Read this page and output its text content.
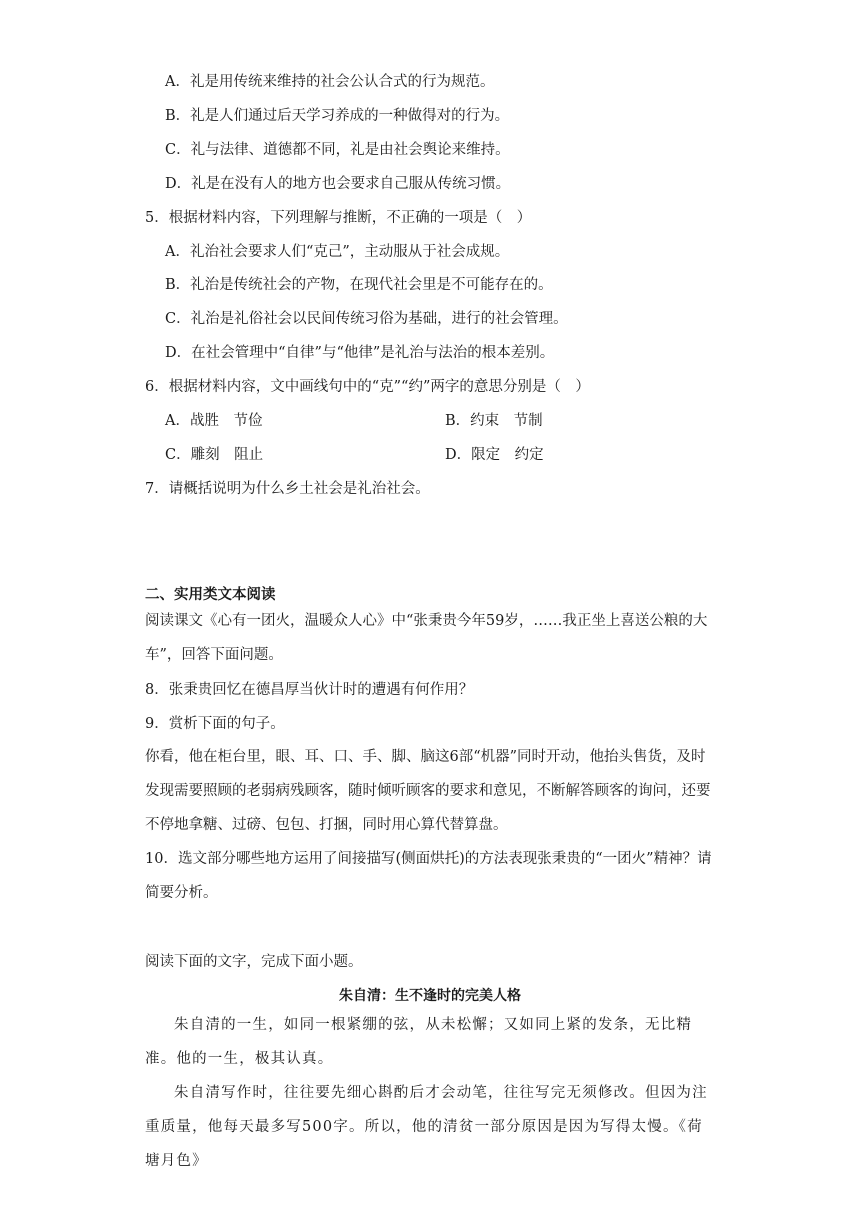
A．礼是用传统来维持的社会公认合式的行为规范。
B．礼是人们通过后天学习养成的一种做得对的行为。
C．礼与法律、道德都不同，礼是由社会舆论来维持。
D．礼是在没有人的地方也会要求自己服从传统习惯。
5．根据材料内容，下列理解与推断，不正确的一项是（　）
A．礼治社会要求人们“克己”，主动服从于社会成规。
B．礼治是传统社会的产物，在现代社会里是不可能存在的。
C．礼治是礼俗社会以民间传统习俗为基础，进行的社会管理。
D．在社会管理中“自律”与“他律”是礼治与法治的根本差别。
6．根据材料内容，文中画线句中的“克”“约”两字的意思分别是（　）
A．战胜　节俭	B．约束　节制
C．雕刻　阻止	D．限定　约定
7．请概括说明为什么乡土社会是礼治社会。
二、实用类文本阅读
阅读课文《心有一团火，温暖众人心》中“张秉贵今年59岁，……我正坐上喜送公粮的大车”，回答下面问题。
8．张秉贵回忆在德昌厚当伙计时的遭遇有何作用？
9．赏析下面的句子。
你看，他在柜台里，眼、耳、口、手、脚、脑这6部“机器”同时开动，他抬头售货，及时发现需要照顾的老弱病残顾客，随时倾听顾客的要求和意见，不断解答顾客的询问，还要不停地拿糖、过磅、包包、打捆，同时用心算代替算盘。
10．选文部分哪些地方运用了间接描写(侧面烘托)的方法表现张秉贵的“一团火”精神？请简要分析。
阅读下面的文字，完成下面小题。
朱自清：生不逢时的完美人格
朱自清的一生，如同一根紧绷的弦，从未松懈；又如同上紧的发条，无比精准。他的一生，极其认真。
朱自清写作时，往往要先细心斟酌后才会动笔，往往写完无须修改。但因为注重质量，他每天最多写500字。所以，他的清贫一部分原因是因为写得太慢。《荷塘月色》
